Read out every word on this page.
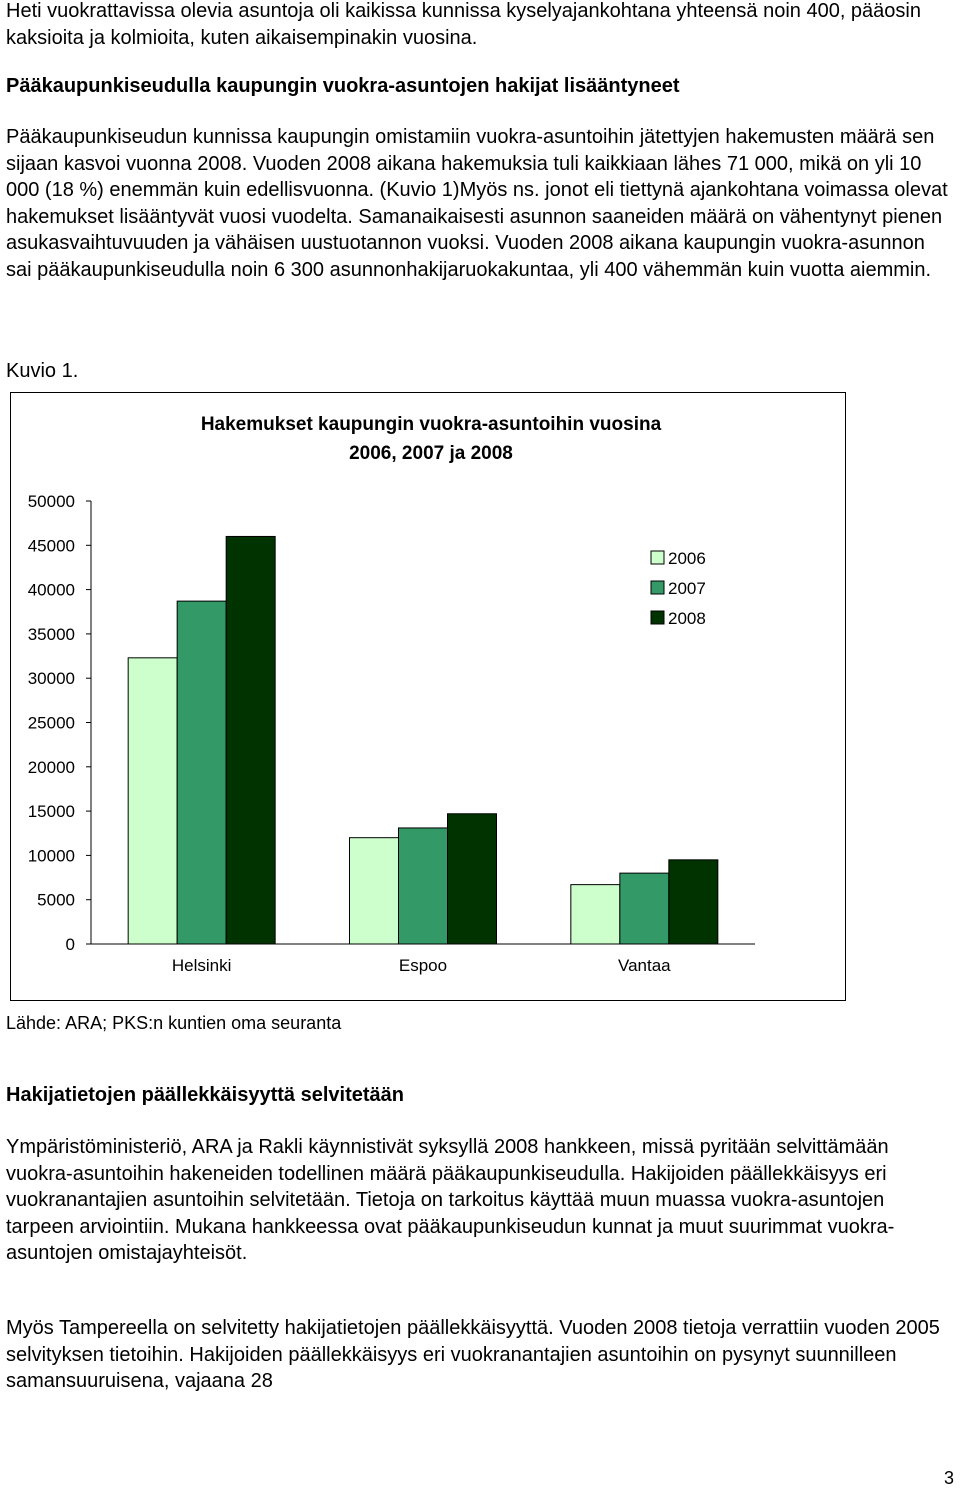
Heti vuokrattavissa olevia asuntoja oli kaikissa kunnissa kyselyajankohtana yhteensä noin 400, pääosin kaksioita ja kolmioita, kuten aikaisempinakin vuosina.

Pääkaupunkiseudulla kaupungin vuokra-asuntojen hakijat lisääntyneet

Pääkaupunkiseudun kunnissa kaupungin omistamiin vuokra-asuntoihin jätettyjen hakemusten määrä sen sijaan kasvoi vuonna 2008. Vuoden 2008 aikana hakemuksia tuli kaikkiaan lähes 71 000, mikä on yli 10 000 (18 %) enemmän kuin edellisvuonna. (Kuvio 1)Myös ns. jonot eli tiettynä ajankohtana voimassa olevat hakemukset lisääntyvät vuosi vuodelta. Samanaikaisesti asunnon saaneiden määrä on vähentynyt pienen asukasvaihtuvuuden ja vähäisen uustuotannon vuoksi. Vuoden 2008 aikana kaupungin vuokra-asunnon sai pääkaupunkiseudulla noin 6 300 asunnonhakijaruokakuntaa, yli 400 vähemmän kuin vuotta aiemmin.

Kuvio 1.

Hakemukset kaupungin vuokra-asuntoihin vuosina
2006, 2007 ja 2008
50000
45000
40000
35000
30000
25000
20000
15000
10000
5000
0
Helsinki	Espoo	Vantaa
2006
2007
2008

Lähde: ARA; PKS:n kuntien oma seuranta

Hakijatietojen päällekkäisyyttä selvitetään

Ympäristöministeriö, ARA ja Rakli käynnistivät syksyllä 2008 hankkeen, missä pyritään selvittämään vuokra-asuntoihin hakeneiden todellinen määrä pääkaupunkiseudulla. Hakijoiden päällekkäisyys eri vuokranantajien asuntoihin selvitetään. Tietoja on tarkoitus käyttää muun muassa vuokra-asuntojen tarpeen arviointiin. Mukana hankkeessa ovat pääkaupunkiseudun kunnat ja muut suurimmat vuokra-asuntojen omistajayhteisöt.

Myös Tampereella on selvitetty hakijatietojen päällekkäisyyttä. Vuoden 2008 tietoja verrattiin vuoden 2005 selvityksen tietoihin. Hakijoiden päällekkäisyys eri vuokranantajien asuntoihin on pysynyt suunnilleen samansuuruisena, vajaana 28

3
